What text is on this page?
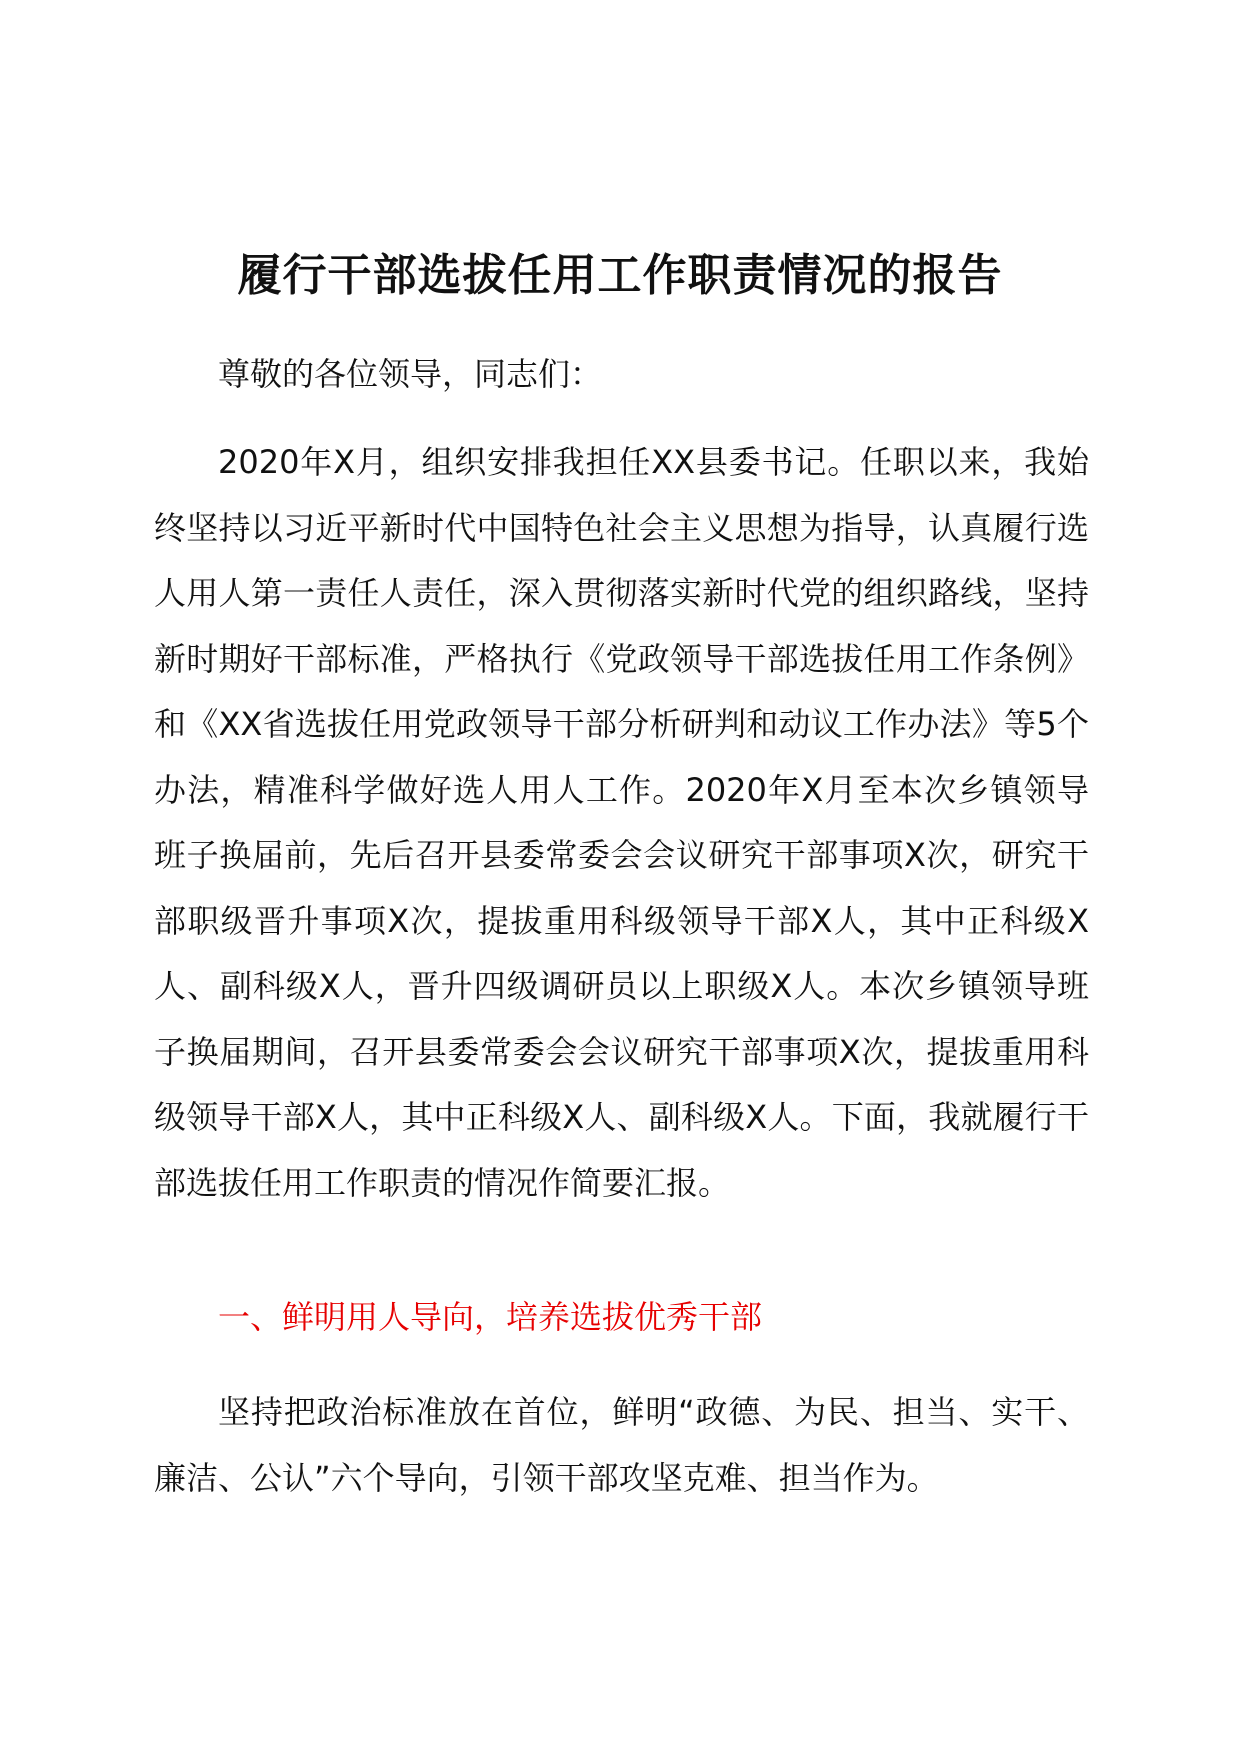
履行干部选拔任用工作职责情况的报告

尊敬的各位领导，同志们：

2020年X月，组织安排我担任XX县委书记。任职以来，我始终坚持以习近平新时代中国特色社会主义思想为指导，认真履行选人用人第一责任人责任，深入贯彻落实新时代党的组织路线，坚持新时期好干部标准，严格执行《党政领导干部选拔任用工作条例》和《XX省选拔任用党政领导干部分析研判和动议工作办法》等5个办法，精准科学做好选人用人工作。2020年X月至本次乡镇领导班子换届前，先后召开县委常委会会议研究干部事项X次，研究干部职级晋升事项X次，提拔重用科级领导干部X人，其中正科级X人、副科级X人，晋升四级调研员以上职级X人。本次乡镇领导班子换届期间，召开县委常委会会议研究干部事项X次，提拔重用科级领导干部X人，其中正科级X人、副科级X人。下面，我就履行干部选拔任用工作职责的情况作简要汇报。

一、鲜明用人导向，培养选拔优秀干部

坚持把政治标准放在首位，鲜明“政德、为民、担当、实干、廉洁、公认”六个导向，引领干部攻坚克难、担当作为。
